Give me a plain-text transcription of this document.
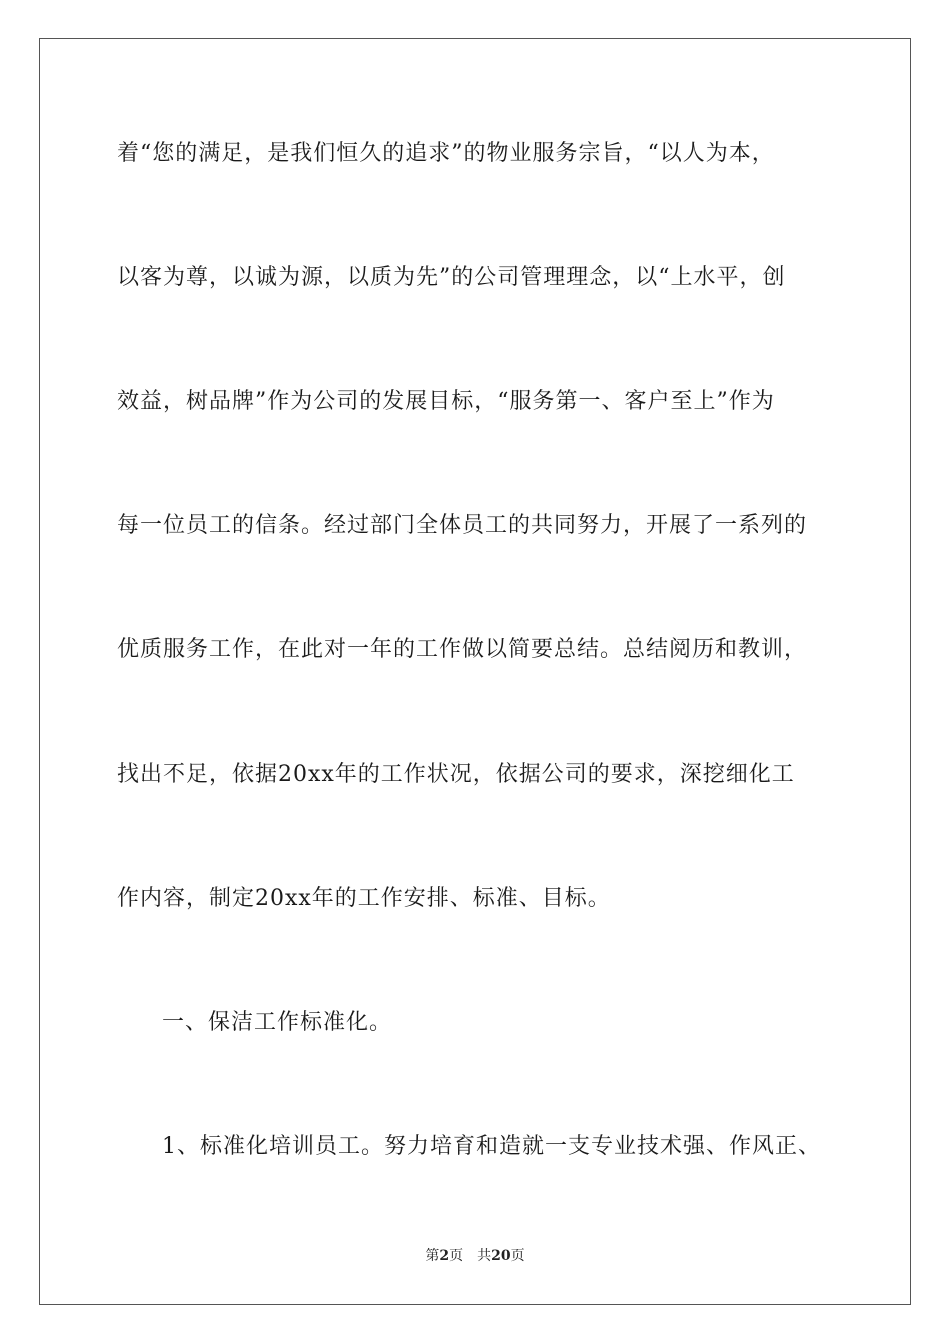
着“您的满足，是我们恒久的追求”的物业服务宗旨，“以人为本，
以客为尊，以诚为源，以质为先”的公司管理理念，以“上水平，创
效益，树品牌”作为公司的发展目标，“服务第一、客户至上”作为
每一位员工的信条。经过部门全体员工的共同努力，开展了一系列的
优质服务工作，在此对一年的工作做以简要总结。总结阅历和教训，
找出不足，依据20xx年的工作状况，依据公司的要求，深挖细化工
作内容，制定20xx年的工作安排、标准、目标。
一、保洁工作标准化。
1、标准化培训员工。努力培育和造就一支专业技术强、作风正、
第2页 共20页
